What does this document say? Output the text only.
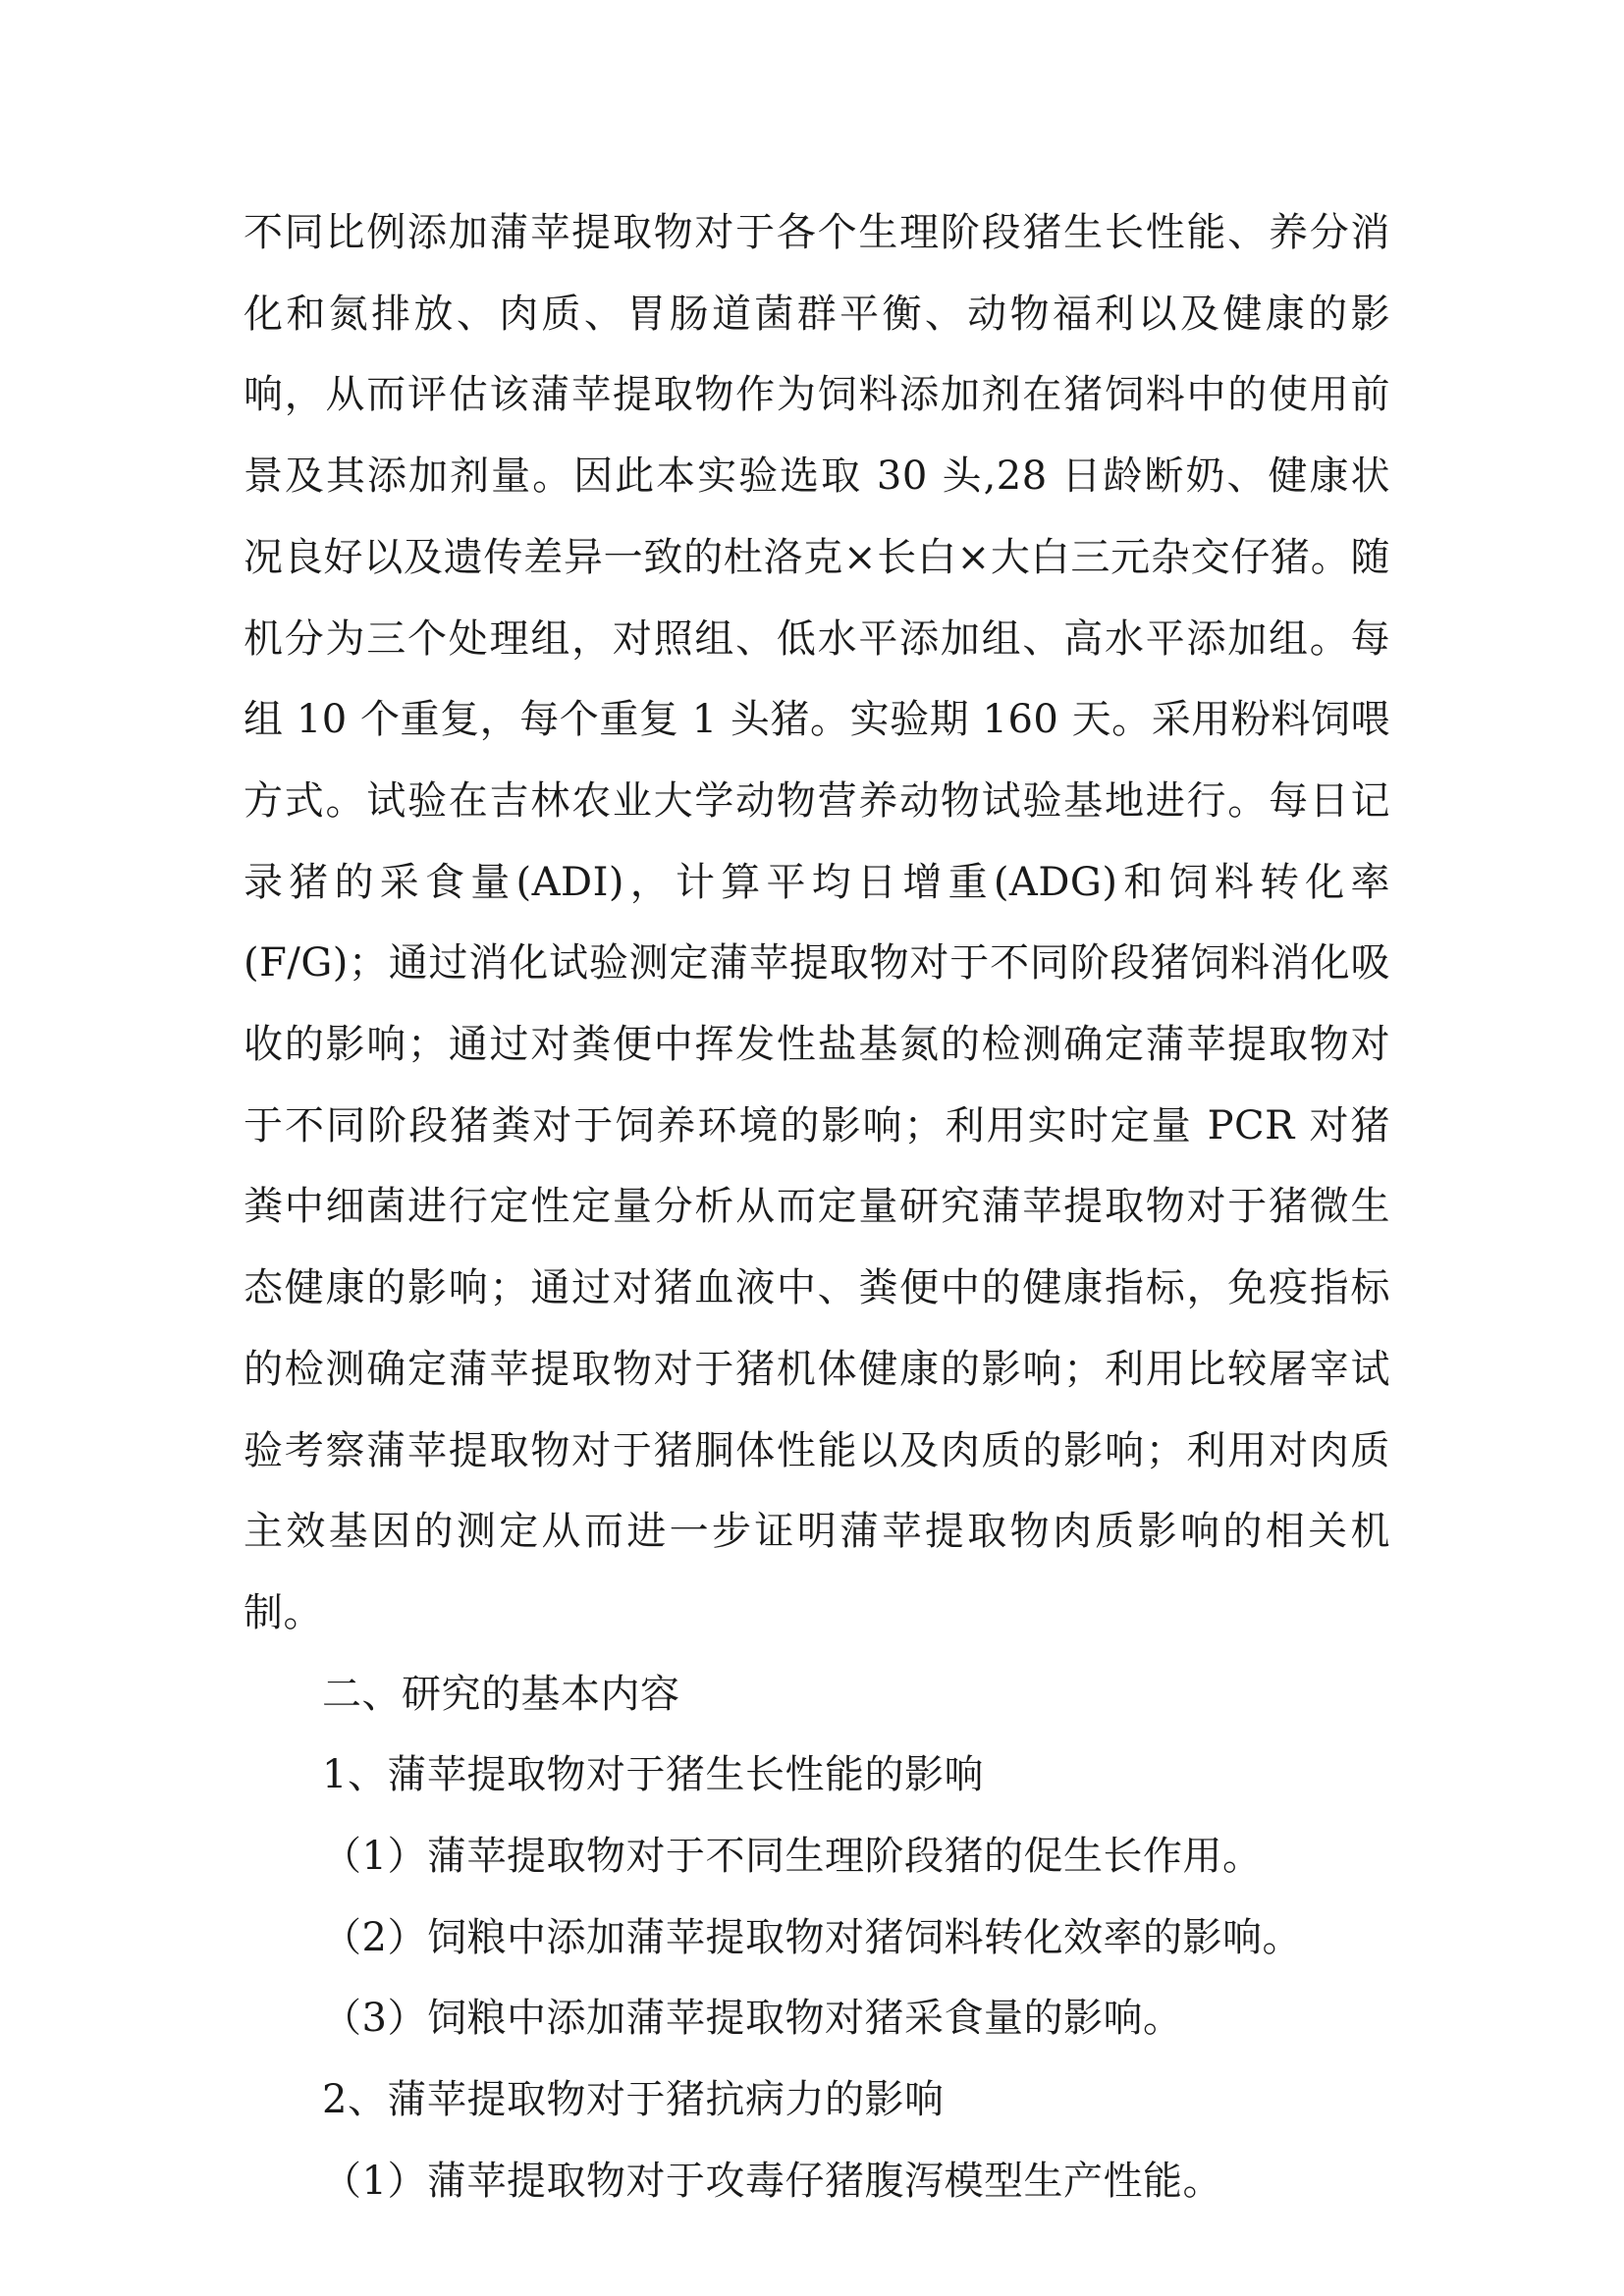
不同比例添加蒲苹提取物对于各个生理阶段猪生长性能、养分消化和氮排放、肉质、胃肠道菌群平衡、动物福利以及健康的影响，从而评估该蒲苹提取物作为饲料添加剂在猪饲料中的使用前景及其添加剂量。因此本实验选取 30 头,28 日龄断奶、健康状况良好以及遗传差异一致的杜洛克×长白×大白三元杂交仔猪。随机分为三个处理组，对照组、低水平添加组、高水平添加组。每组 10 个重复，每个重复 1 头猪。实验期 160 天。采用粉料饲喂方式。试验在吉林农业大学动物营养动物试验基地进行。每日记录猪的采食量(ADI)，计算平均日增重(ADG)和饲料转化率(F/G)；通过消化试验测定蒲苹提取物对于不同阶段猪饲料消化吸收的影响；通过对粪便中挥发性盐基氮的检测确定蒲苹提取物对于不同阶段猪粪对于饲养环境的影响；利用实时定量 PCR 对猪粪中细菌进行定性定量分析从而定量研究蒲苹提取物对于猪微生态健康的影响；通过对猪血液中、粪便中的健康指标，免疫指标的检测确定蒲苹提取物对于猪机体健康的影响；利用比较屠宰试验考察蒲苹提取物对于猪胴体性能以及肉质的影响；利用对肉质主效基因的测定从而进一步证明蒲苹提取物肉质影响的相关机制。

二、研究的基本内容

1、蒲苹提取物对于猪生长性能的影响

（1）蒲苹提取物对于不同生理阶段猪的促生长作用。

（2）饲粮中添加蒲苹提取物对猪饲料转化效率的影响。

（3）饲粮中添加蒲苹提取物对猪采食量的影响。

2、蒲苹提取物对于猪抗病力的影响

（1）蒲苹提取物对于攻毒仔猪腹泻模型生产性能。
